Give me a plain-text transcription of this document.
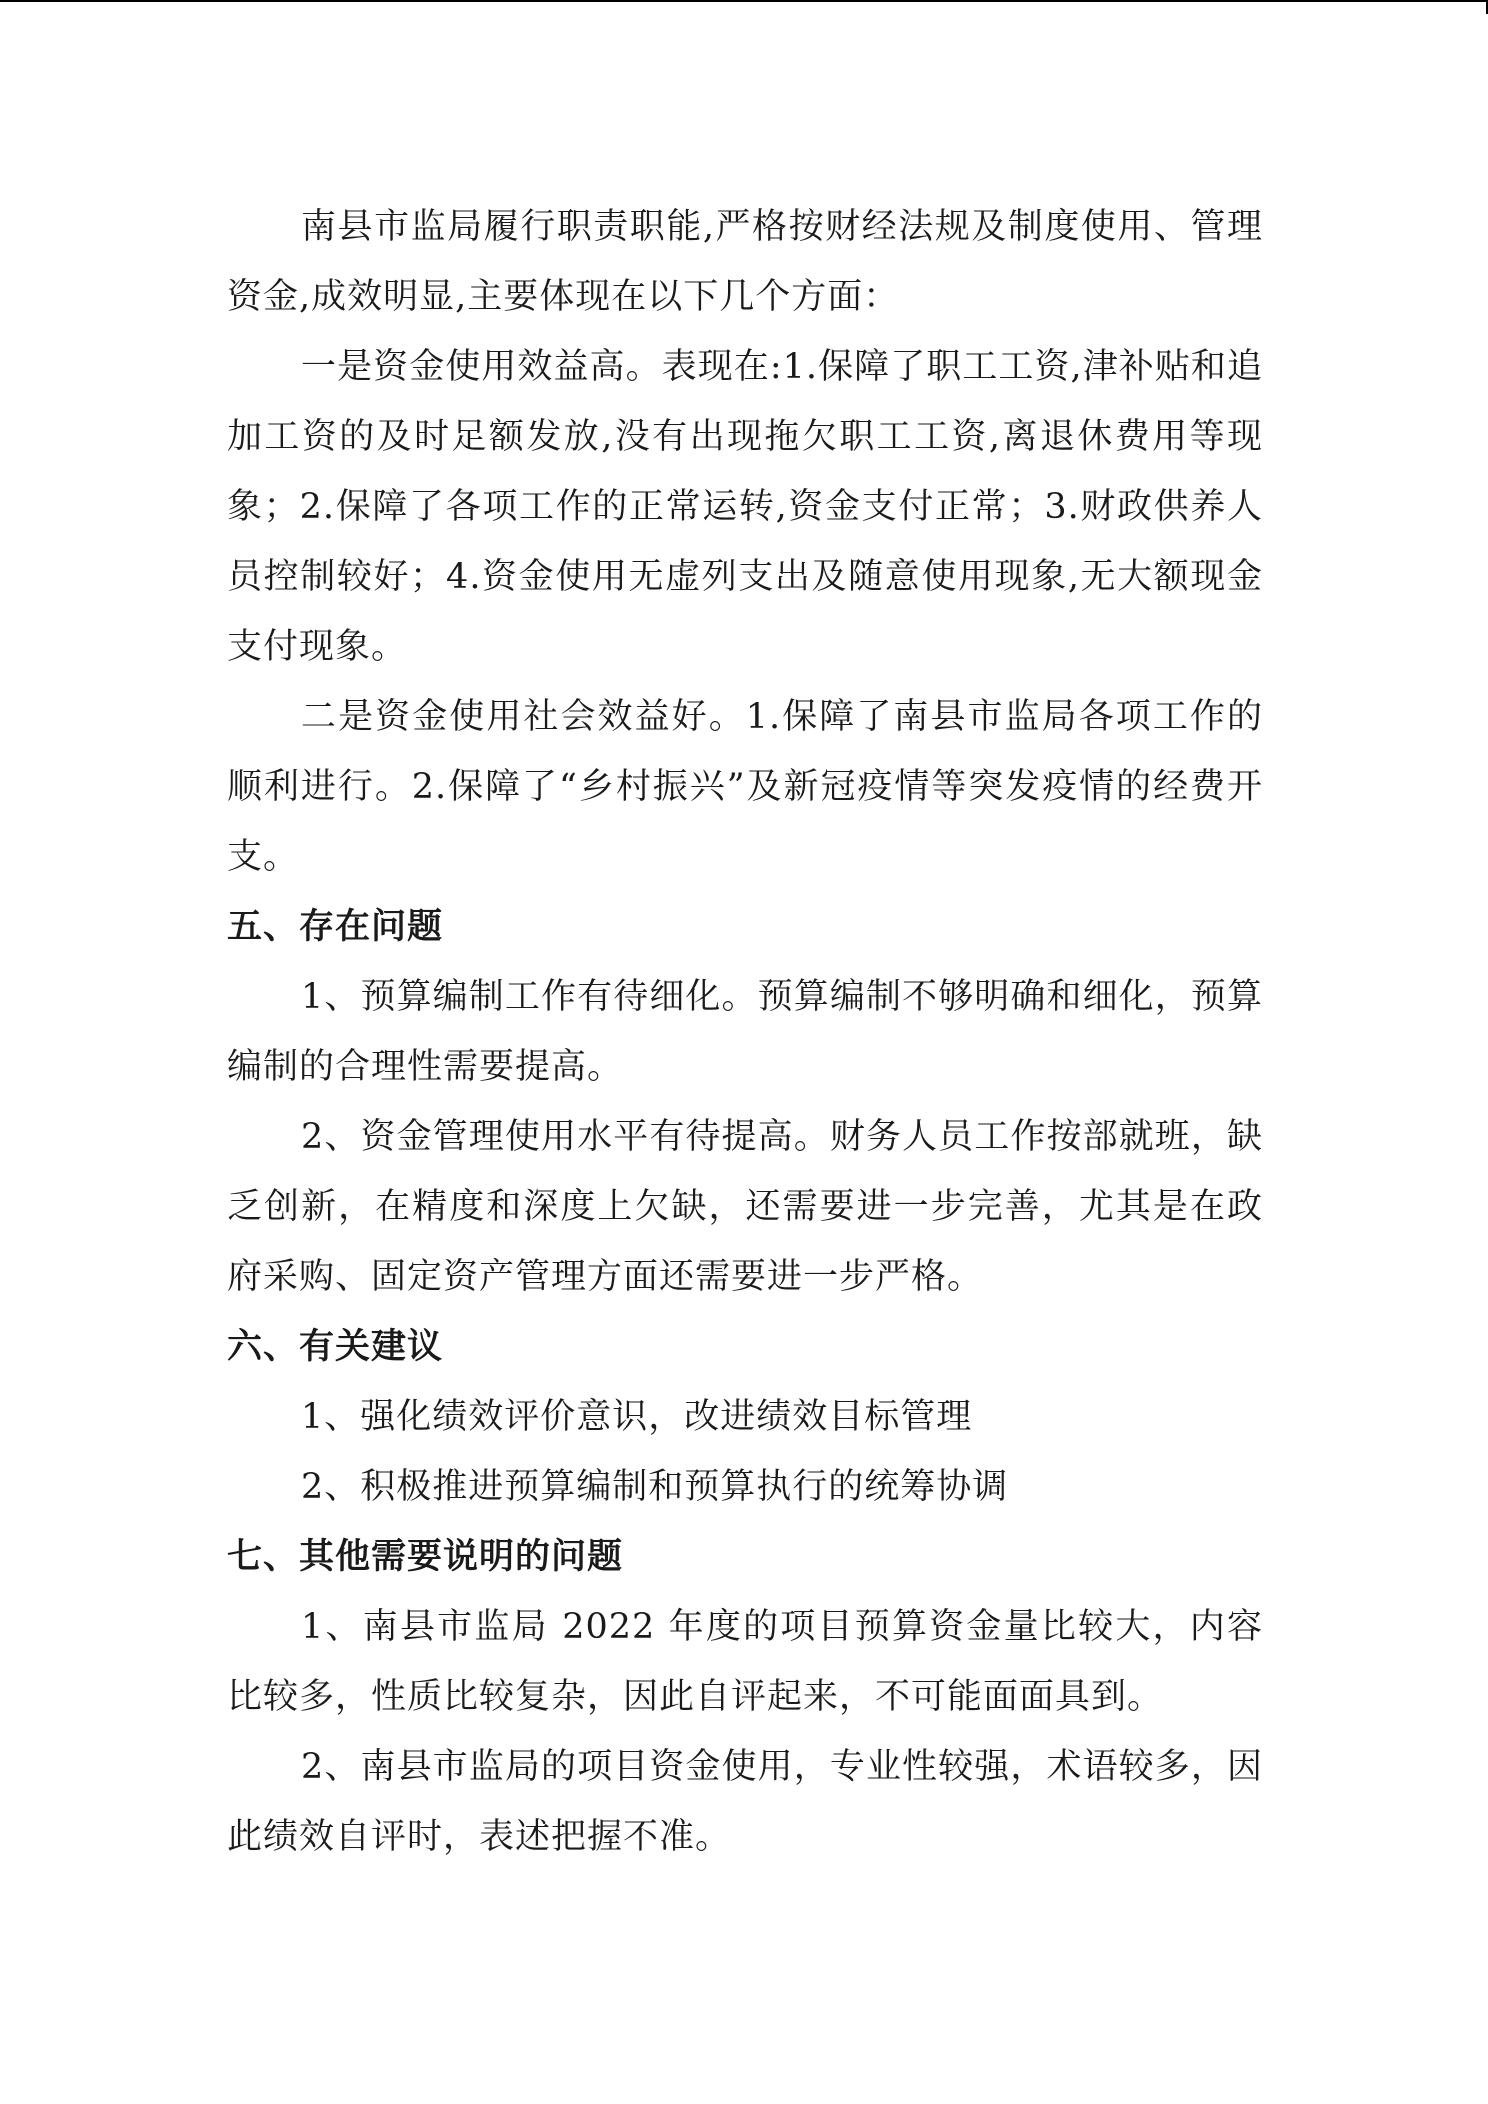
南县市监局履行职责职能,严格按财经法规及制度使用、管理资金,成效明显,主要体现在以下几个方面：

一是资金使用效益高。表现在:1.保障了职工工资,津补贴和追加工资的及时足额发放,没有出现拖欠职工工资,离退休费用等现象；2.保障了各项工作的正常运转,资金支付正常；3.财政供养人员控制较好；4.资金使用无虚列支出及随意使用现象,无大额现金支付现象。

二是资金使用社会效益好。1.保障了南县市监局各项工作的顺利进行。2.保障了“乡村振兴”及新冠疫情等突发疫情的经费开支。

五、存在问题

1、预算编制工作有待细化。预算编制不够明确和细化，预算编制的合理性需要提高。

2、资金管理使用水平有待提高。财务人员工作按部就班，缺乏创新，在精度和深度上欠缺，还需要进一步完善，尤其是在政府采购、固定资产管理方面还需要进一步严格。

六、有关建议

1、强化绩效评价意识，改进绩效目标管理

2、积极推进预算编制和预算执行的统筹协调

七、其他需要说明的问题

1、南县市监局 2022 年度的项目预算资金量比较大，内容比较多，性质比较复杂，因此自评起来，不可能面面具到。

2、南县市监局的项目资金使用，专业性较强，术语较多，因此绩效自评时，表述把握不准。
